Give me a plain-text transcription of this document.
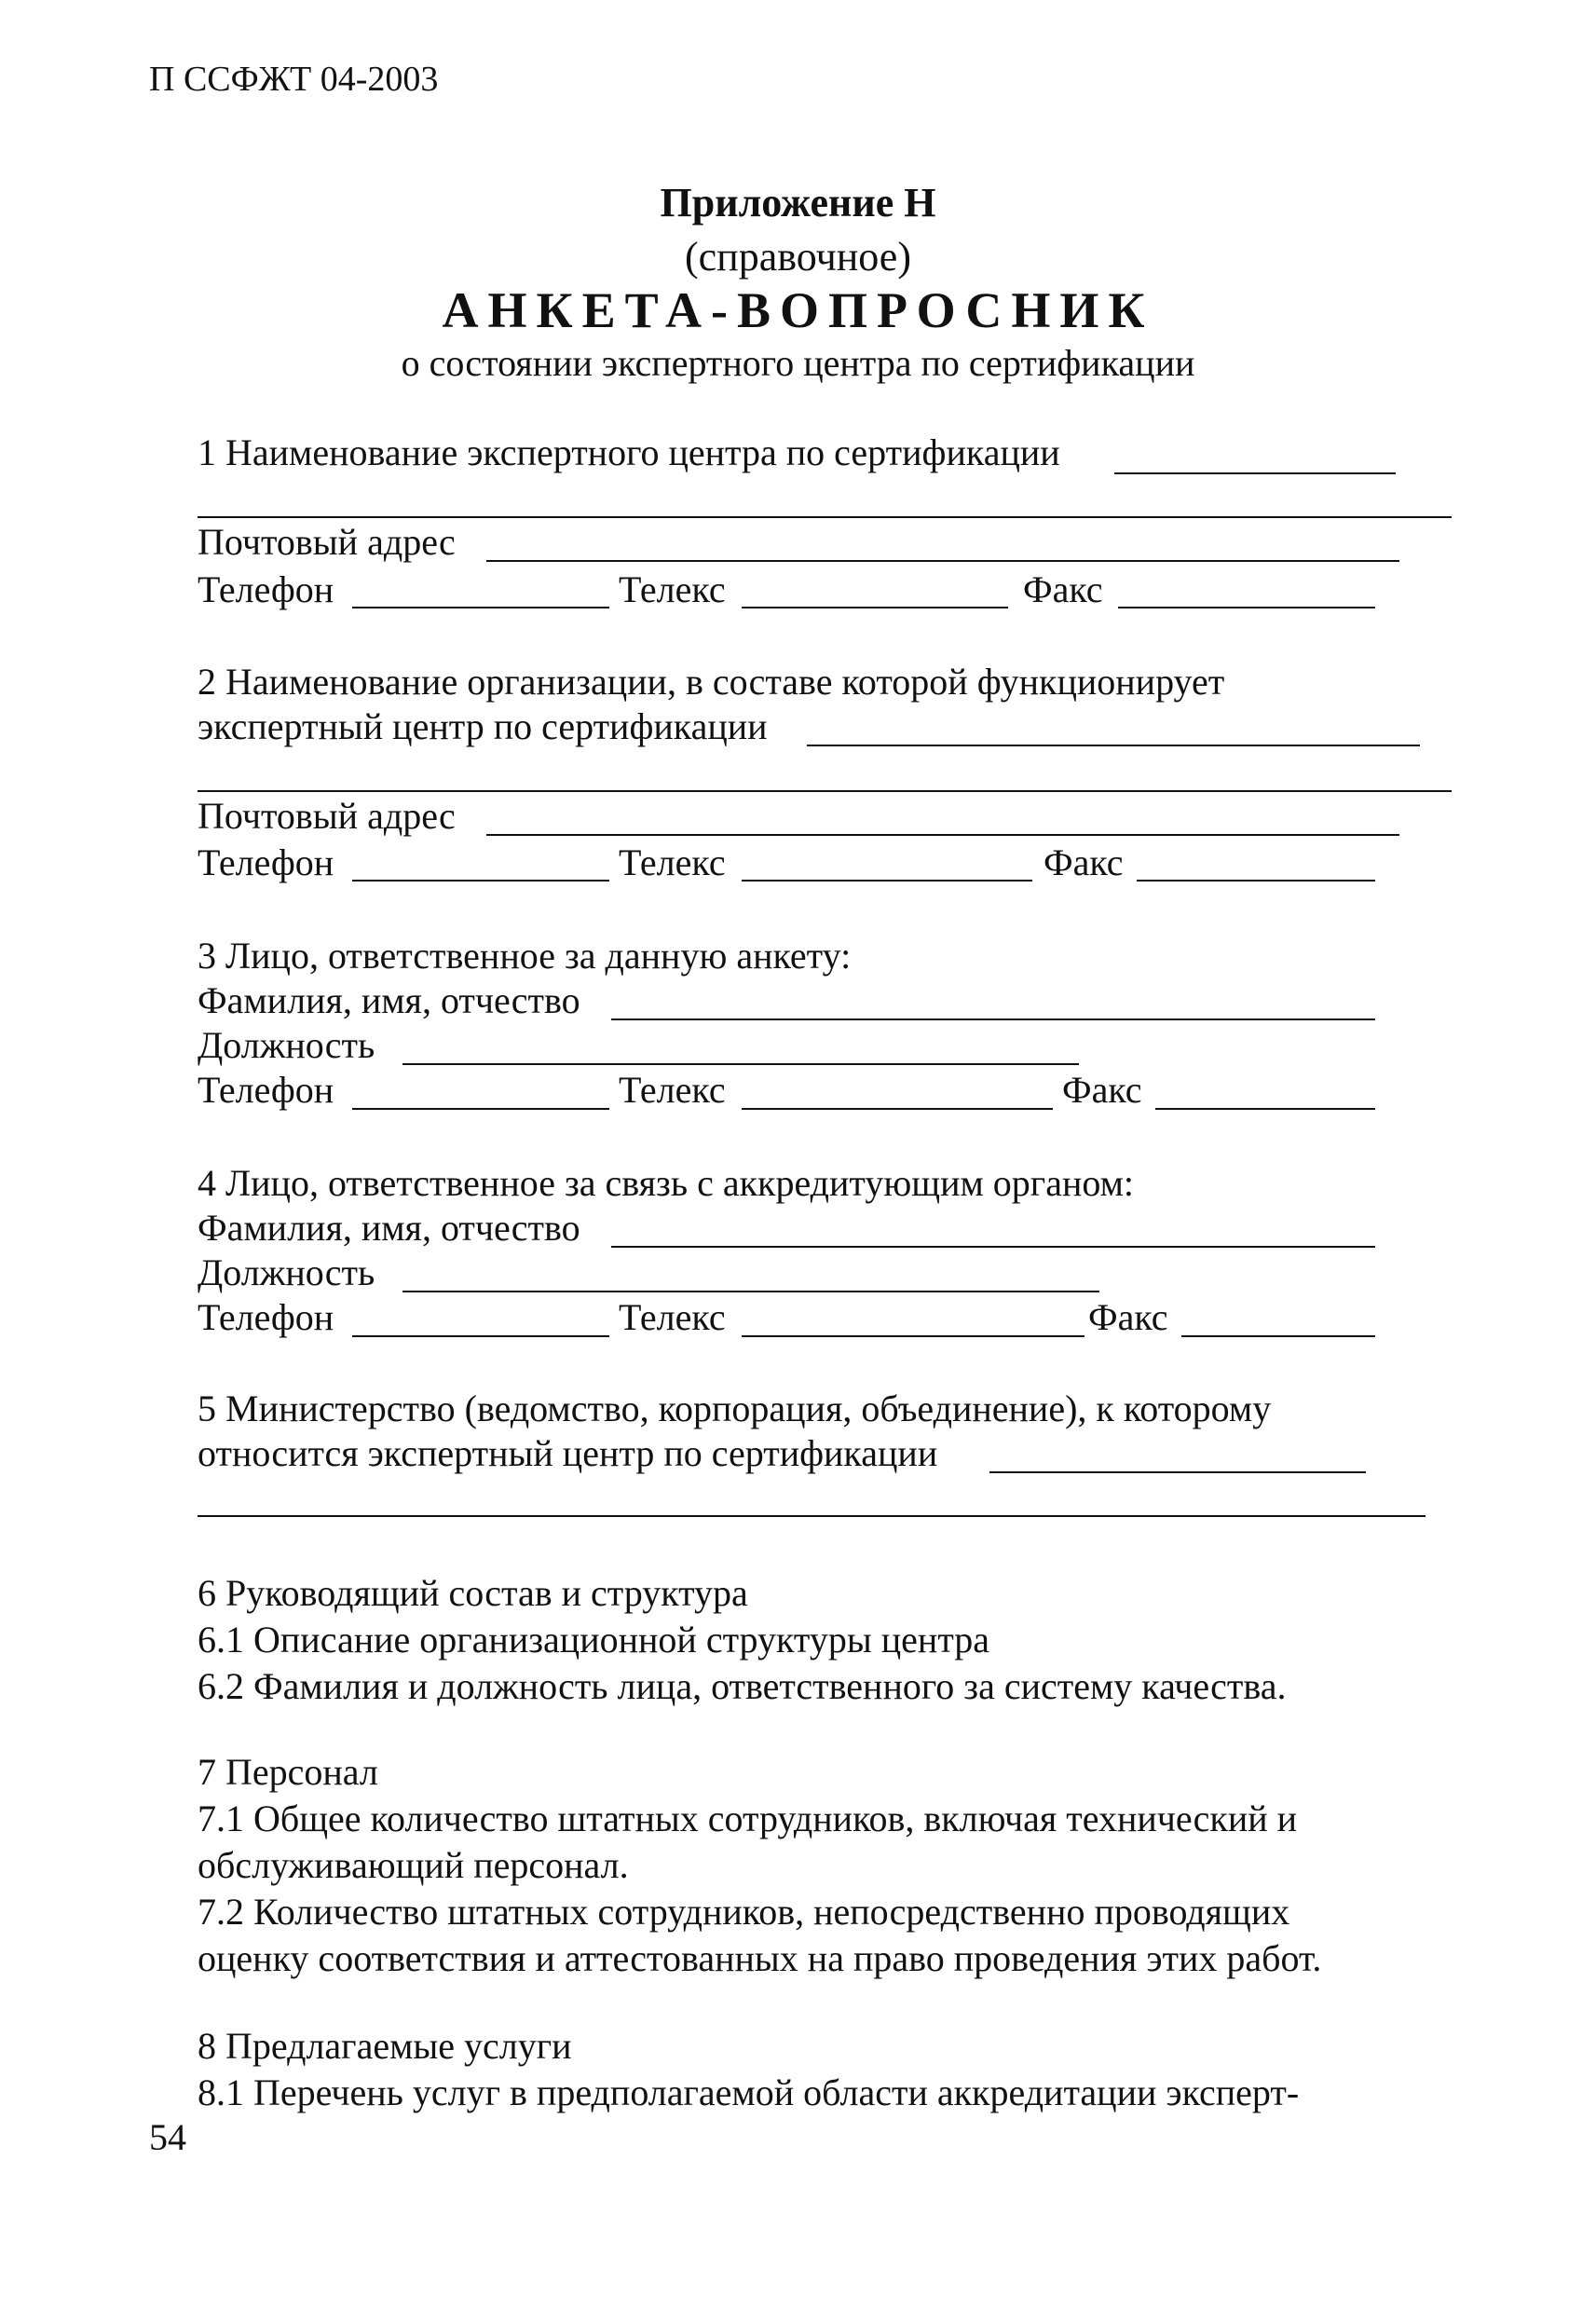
П ССФЖТ 04-2003
Приложение Н
(справочное)
АНКЕТА-ВОПРОСНИК
о состоянии экспертного центра по сертификации
1 Наименование экспертного центра по сертификации
Почтовый адрес
Телефон	Телекс	Факс
2 Наименование организации, в составе которой функционирует
экспертный центр по сертификации
Почтовый адрес
Телефон	Телекс	Факс
3 Лицо, ответственное за данную анкету:
Фамилия, имя, отчество
Должность
Телефон	Телекс	Факс
4 Лицо, ответственное за связь с аккредитующим органом:
Фамилия, имя, отчество
Должность
Телефон	Телекс	Факс
5 Министерство (ведомство, корпорация, объединение), к которому
относится экспертный центр по сертификации
6 Руководящий состав и структура
6.1 Описание организационной структуры центра
6.2 Фамилия и должность лица, ответственного за систему качества.
7 Персонал
7.1 Общее количество штатных сотрудников, включая технический и
обслуживающий персонал.
7.2 Количество штатных сотрудников, непосредственно проводящих
оценку соответствия и аттестованных на право проведения этих работ.
8 Предлагаемые услуги
8.1 Перечень услуг в предполагаемой области аккредитации эксперт-
54
